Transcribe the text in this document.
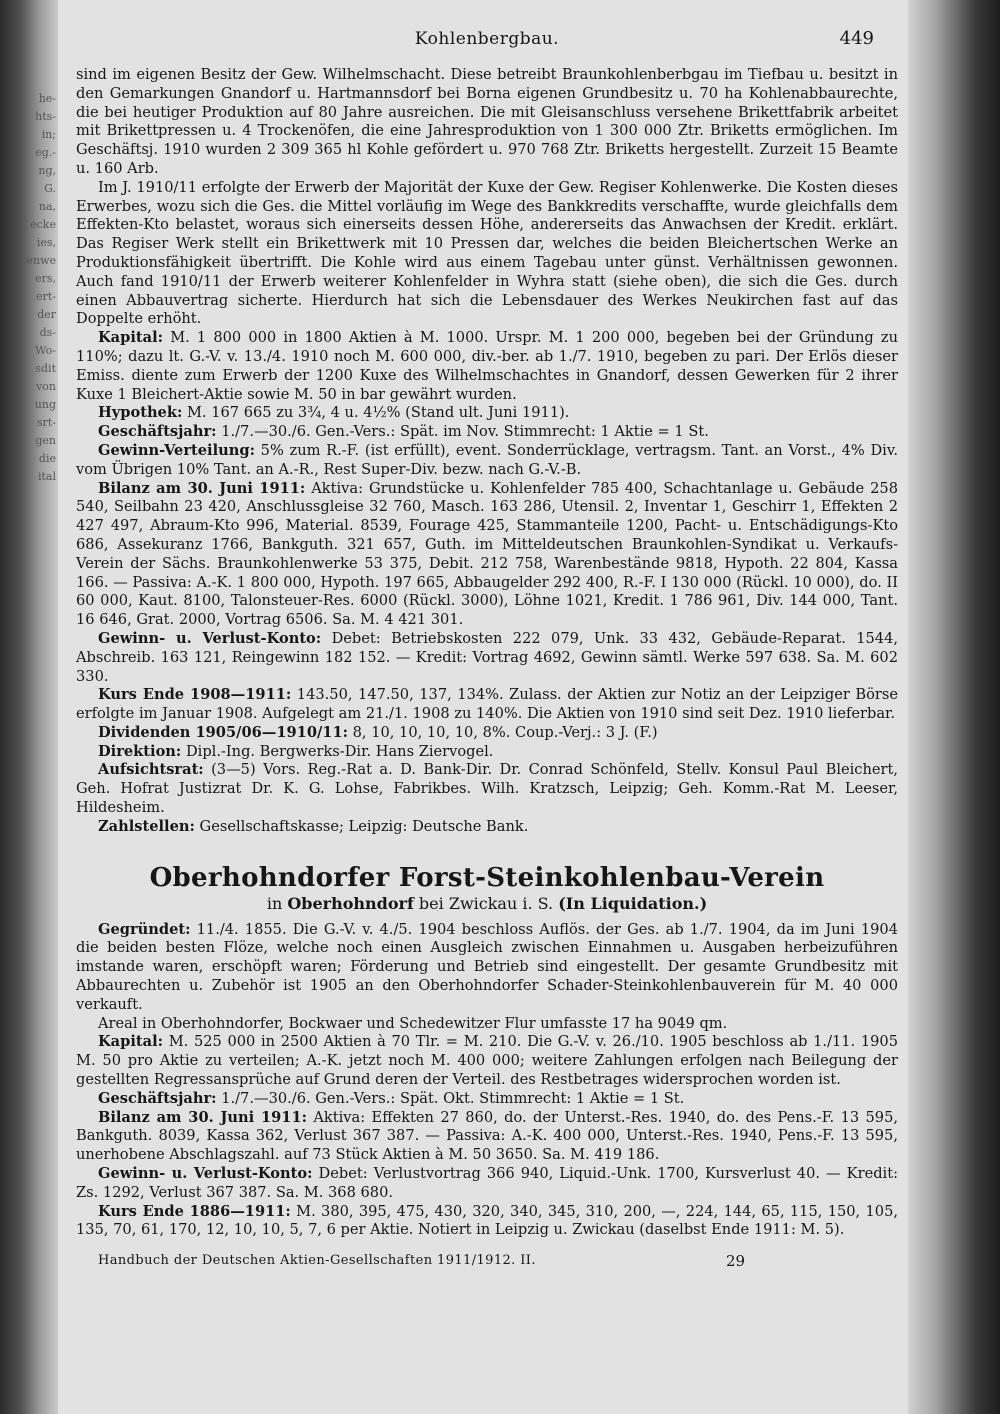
Kohlenbergbau.	449

sind im eigenen Besitz der Gew. Wilhelmschacht. Diese betreibt Braunkohlenberbgau im Tiefbau u. besitzt in den Gemarkungen Gnandorf u. Hartmannsdorf bei Borna eigenen Grundbesitz u. 70 ha Kohlenabbaurechte, die bei heutiger Produktion auf 80 Jahre ausreichen. Die mit Gleisanschluss versehene Brikettfabrik arbeitet mit Brikettpressen u. 4 Trockenöfen, die eine Jahresproduktion von 1 300 000 Ztr. Briketts ermöglichen. Im Geschäftsj. 1910 wurden 2 309 365 hl Kohle gefördert u. 970 768 Ztr. Briketts hergestellt. Zurzeit 15 Beamte u. 160 Arb.

Im J. 1910/11 erfolgte der Erwerb der Majorität der Kuxe der Gew. Regiser Kohlenwerke. Die Kosten dieses Erwerbes, wozu sich die Ges. die Mittel vorläufig im Wege des Bankkredits verschaffte, wurde gleichfalls dem Effekten-Kto belastet, woraus sich einerseits dessen Höhe, andererseits das Anwachsen der Kredit. erklärt. Das Regiser Werk stellt ein Brikettwerk mit 10 Pressen dar, welches die beiden Bleichertschen Werke an Produktionsfähigkeit übertrifft. Die Kohle wird aus einem Tagebau unter günst. Verhältnissen gewonnen. Auch fand 1910/11 der Erwerb weiterer Kohlenfelder in Wyhra statt (siehe oben), die sich die Ges. durch einen Abbauvertrag sicherte. Hierdurch hat sich die Lebensdauer des Werkes Neukirchen fast auf das Doppelte erhöht.

Kapital: M. 1 800 000 in 1800 Aktien à M. 1000. Urspr. M. 1 200 000, begeben bei der Gründung zu 110%; dazu lt. G.-V. v. 13./4. 1910 noch M. 600 000, div.-ber. ab 1./7. 1910, begeben zu pari. Der Erlös dieser Emiss. diente zum Erwerb der 1200 Kuxe des Wilhelmschachtes in Gnandorf, dessen Gewerken für 2 ihrer Kuxe 1 Bleichert-Aktie sowie M. 50 in bar gewährt wurden.

Hypothek: M. 167 665 zu 3¾, 4 u. 4½% (Stand ult. Juni 1911).

Geschäftsjahr: 1./7.—30./6. Gen.-Vers.: Spät. im Nov. Stimmrecht: 1 Aktie = 1 St.

Gewinn-Verteilung: 5% zum R.-F. (ist erfüllt), event. Sonderrücklage, vertragsm. Tant. an Vorst., 4% Div. vom Übrigen 10% Tant. an A.-R., Rest Super-Div. bezw. nach G.-V.-B.

Bilanz am 30. Juni 1911: Aktiva: Grundstücke u. Kohlenfelder 785 400, Schachtanlage u. Gebäude 258 540, Seilbahn 23 420, Anschlussgleise 32 760, Masch. 163 286, Utensil. 2, Inventar 1, Geschirr 1, Effekten 2 427 497, Abraum-Kto 996, Material. 8539, Fourage 425, Stammanteile 1200, Pacht- u. Entschädigungs-Kto 686, Assekuranz 1766, Bankguth. 321 657, Guth. im Mitteldeutschen Braunkohlen-Syndikat u. Verkaufs-Verein der Sächs. Braunkohlenwerke 53 375, Debit. 212 758, Warenbestände 9818, Hypoth. 22 804, Kassa 166. — Passiva: A.-K. 1 800 000, Hypoth. 197 665, Abbaugelder 292 400, R.-F. I 130 000 (Rückl. 10 000), do. II 60 000, Kaut. 8100, Talonsteuer-Res. 6000 (Rückl. 3000), Löhne 1021, Kredit. 1 786 961, Div. 144 000, Tant. 16 646, Grat. 2000, Vortrag 6506. Sa. M. 4 421 301.

Gewinn- u. Verlust-Konto: Debet: Betriebskosten 222 079, Unk. 33 432, Gebäude-Reparat. 1544, Abschreib. 163 121, Reingewinn 182 152. — Kredit: Vortrag 4692, Gewinn sämtl. Werke 597 638. Sa. M. 602 330.

Kurs Ende 1908—1911: 143.50, 147.50, 137, 134%. Zulass. der Aktien zur Notiz an der Leipziger Börse erfolgte im Januar 1908. Aufgelegt am 21./1. 1908 zu 140%. Die Aktien von 1910 sind seit Dez. 1910 lieferbar.

Dividenden 1905/06—1910/11: 8, 10, 10, 10, 10, 8%. Coup.-Verj.: 3 J. (F.)

Direktion: Dipl.-Ing. Bergwerks-Dir. Hans Ziervogel.

Aufsichtsrat: (3—5) Vors. Reg.-Rat a. D. Bank-Dir. Dr. Conrad Schönfeld, Stellv. Konsul Paul Bleichert, Geh. Hofrat Justizrat Dr. K. G. Lohse, Fabrikbes. Wilh. Kratzsch, Leipzig; Geh. Komm.-Rat M. Leeser, Hildesheim.

Zahlstellen: Gesellschaftskasse; Leipzig: Deutsche Bank.

Oberhohndorfer Forst-Steinkohlenbau-Verein
in Oberhohndorf bei Zwickau i. S. (In Liquidation.)

Gegründet: 11./4. 1855. Die G.-V. v. 4./5. 1904 beschloss Auflös. der Ges. ab 1./7. 1904, da im Juni 1904 die beiden besten Flöze, welche noch einen Ausgleich zwischen Einnahmen u. Ausgaben herbeizuführen imstande waren, erschöpft waren; Förderung und Betrieb sind eingestellt. Der gesamte Grundbesitz mit Abbaurechten u. Zubehör ist 1905 an den Oberhohndorfer Schader-Steinkohlenbauverein für M. 40 000 verkauft.

Areal in Oberhohndorfer, Bockwaer und Schedewitzer Flur umfasste 17 ha 9049 qm.

Kapital: M. 525 000 in 2500 Aktien à 70 Tlr. = M. 210. Die G.-V. v. 26./10. 1905 beschloss ab 1./11. 1905 M. 50 pro Aktie zu verteilen; A.-K. jetzt noch M. 400 000; weitere Zahlungen erfolgen nach Beilegung der gestellten Regressansprüche auf Grund deren der Verteil. des Restbetrages widersprochen worden ist.

Geschäftsjahr: 1./7.—30./6. Gen.-Vers.: Spät. Okt. Stimmrecht: 1 Aktie = 1 St.

Bilanz am 30. Juni 1911: Aktiva: Effekten 27 860, do. der Unterst.-Res. 1940, do. des Pens.-F. 13 595, Bankguth. 8039, Kassa 362, Verlust 367 387. — Passiva: A.-K. 400 000, Unterst.-Res. 1940, Pens.-F. 13 595, unerhobene Abschlagszahl. auf 73 Stück Aktien à M. 50 3650. Sa. M. 419 186.

Gewinn- u. Verlust-Konto: Debet: Verlustvortrag 366 940, Liquid.-Unk. 1700, Kursverlust 40. — Kredit: Zs. 1292, Verlust 367 387. Sa. M. 368 680.

Kurs Ende 1886—1911: M. 380, 395, 475, 430, 320, 340, 345, 310, 200, —, 224, 144, 65, 115, 150, 105, 135, 70, 61, 170, 12, 10, 10, 5, 7, 6 per Aktie. Notiert in Leipzig u. Zwickau (daselbst Ende 1911: M. 5).

Handbuch der Deutschen Aktien-Gesellschaften 1911/1912. II.	29
he-
hts-
in;
eg.-
ng,
G.
na,
ecke
ies,
enwe
ers,
ert-
der
ds-
Wo-
sdit
von
ung
srt-
gen
die
ital
